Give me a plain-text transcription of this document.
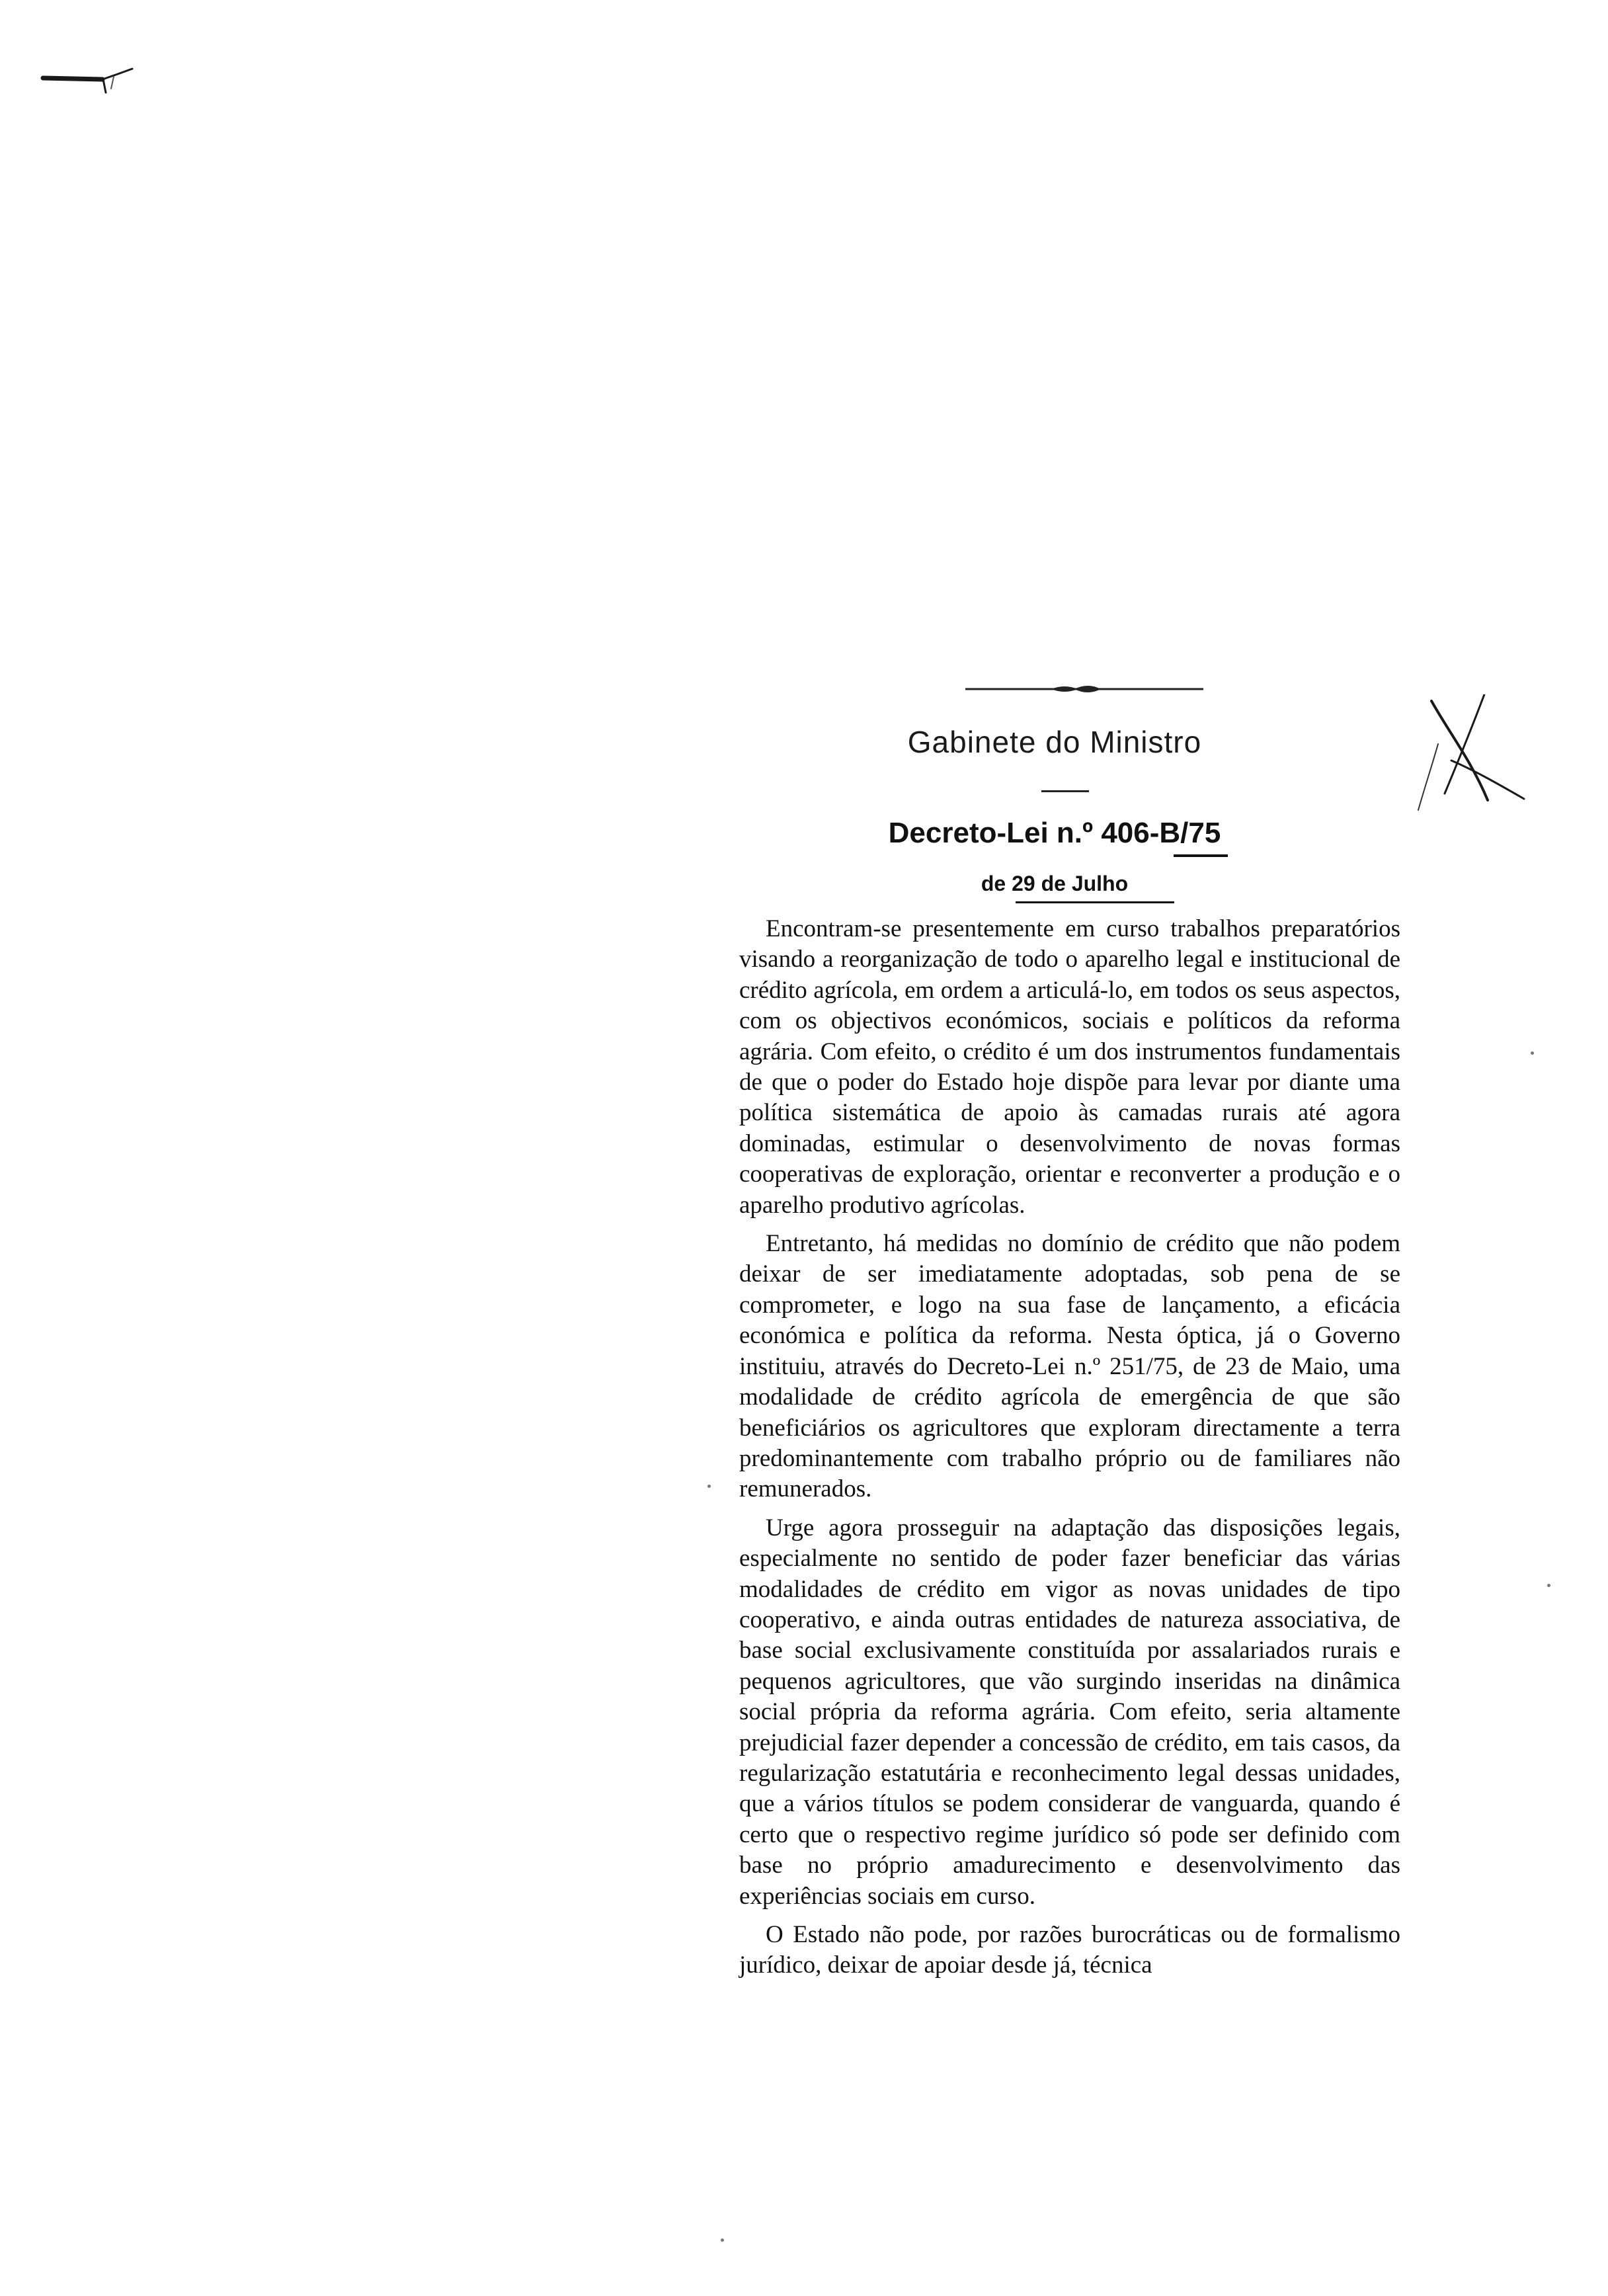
Gabinete do Ministro
Decreto-Lei n.º 406-B/75
de 29 de Julho

Encontram-se presentemente em curso trabalhos preparatórios visando a reorganização de todo o aparelho legal e institucional de crédito agrícola, em ordem a articulá-lo, em todos os seus aspectos, com os objectivos económicos, sociais e políticos da reforma agrária. Com efeito, o crédito é um dos instrumentos fundamentais de que o poder do Estado hoje dispõe para levar por diante uma política sistemática de apoio às camadas rurais até agora dominadas, estimular o desenvolvimento de novas formas cooperativas de exploração, orientar e reconverter a produção e o aparelho produtivo agrícolas.

Entretanto, há medidas no domínio de crédito que não podem deixar de ser imediatamente adoptadas, sob pena de se comprometer, e logo na sua fase de lançamento, a eficácia económica e política da reforma. Nesta óptica, já o Governo instituiu, através do Decreto-Lei n.º 251/75, de 23 de Maio, uma modalidade de crédito agrícola de emergência de que são beneficiários os agricultores que exploram directamente a terra predominantemente com trabalho próprio ou de familiares não remunerados.

Urge agora prosseguir na adaptação das disposições legais, especialmente no sentido de poder fazer beneficiar das várias modalidades de crédito em vigor as novas unidades de tipo cooperativo, e ainda outras entidades de natureza associativa, de base social exclusivamente constituída por assalariados rurais e pequenos agricultores, que vão surgindo inseridas na dinâmica social própria da reforma agrária. Com efeito, seria altamente prejudicial fazer depender a concessão de crédito, em tais casos, da regularização estatutária e reconhecimento legal dessas unidades, que a vários títulos se podem considerar de vanguarda, quando é certo que o respectivo regime jurídico só pode ser definido com base no próprio amadurecimento e desenvolvimento das experiências sociais em curso.

O Estado não pode, por razões burocráticas ou de formalismo jurídico, deixar de apoiar desde já, técnica
